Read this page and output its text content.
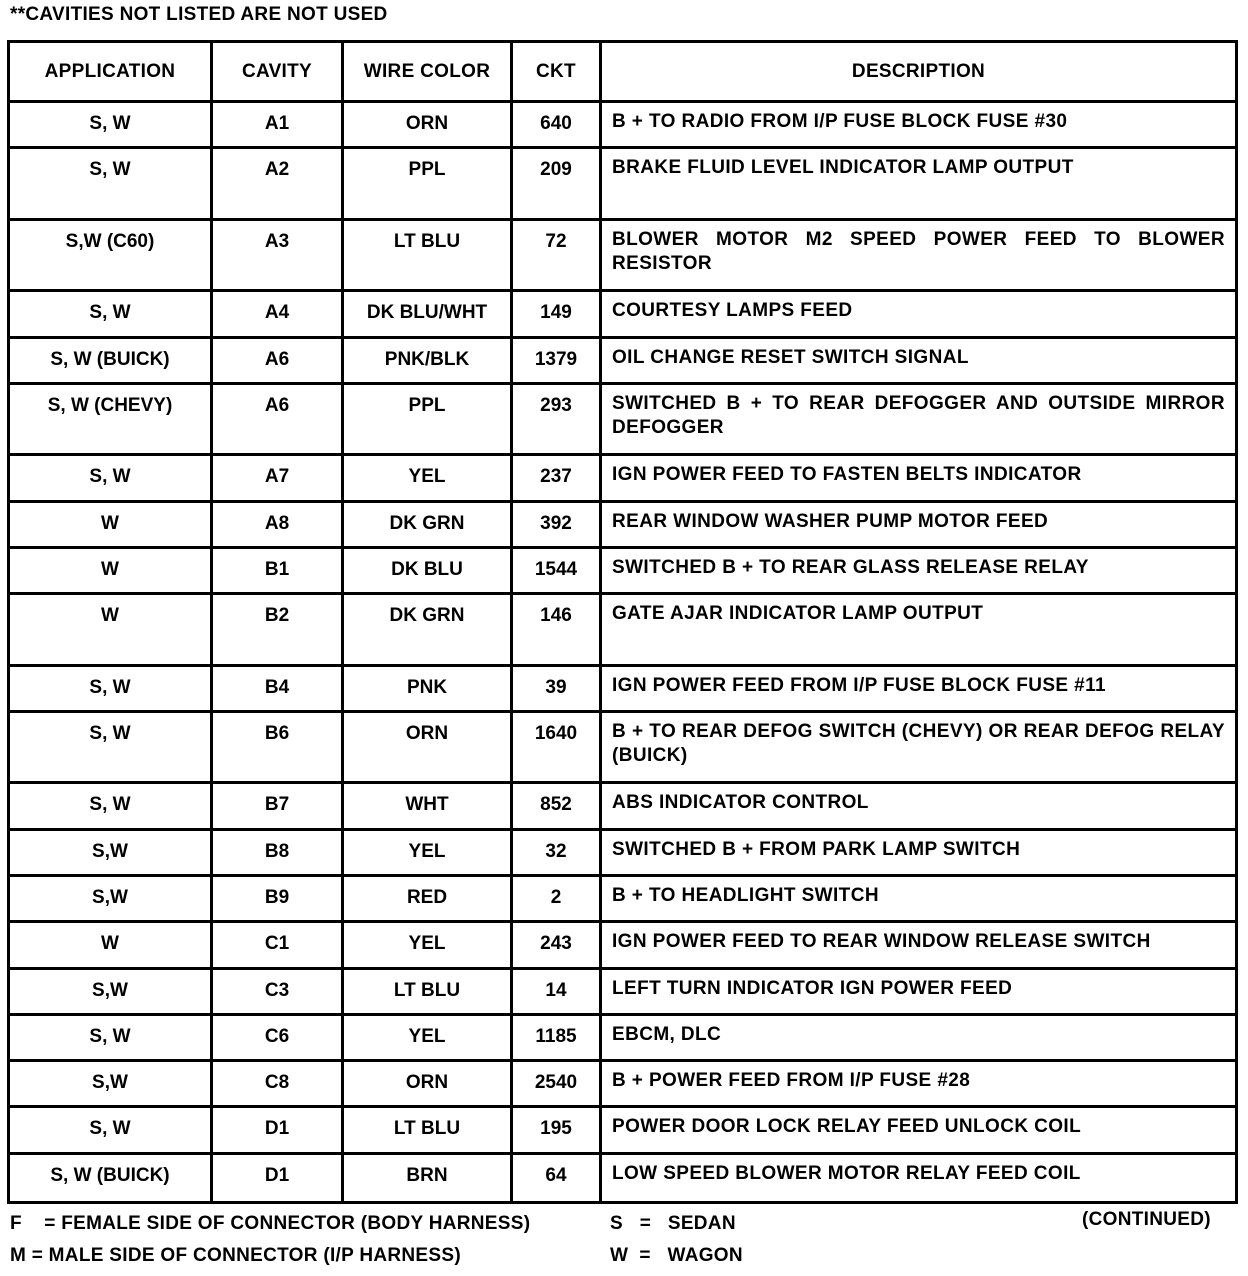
**CAVITIES NOT LISTED ARE NOT USED
APPLICATION	CAVITY	WIRE COLOR	CKT	DESCRIPTION
S, W	A1	ORN	640	B + TO RADIO FROM I/P FUSE BLOCK FUSE #30
S, W	A2	PPL	209	BRAKE FLUID LEVEL INDICATOR LAMP OUTPUT
S,W (C60)	A3	LT BLU	72	BLOWER MOTOR M2 SPEED POWER FEED TO BLOWER RESISTOR
S, W	A4	DK BLU/WHT	149	COURTESY LAMPS FEED
S, W (BUICK)	A6	PNK/BLK	1379	OIL CHANGE RESET SWITCH SIGNAL
S, W (CHEVY)	A6	PPL	293	SWITCHED B + TO REAR DEFOGGER AND OUTSIDE MIRROR DEFOGGER
S, W	A7	YEL	237	IGN POWER FEED TO FASTEN BELTS INDICATOR
W	A8	DK GRN	392	REAR WINDOW WASHER PUMP MOTOR FEED
W	B1	DK BLU	1544	SWITCHED B + TO REAR GLASS RELEASE RELAY
W	B2	DK GRN	146	GATE AJAR INDICATOR LAMP OUTPUT
S, W	B4	PNK	39	IGN POWER FEED FROM I/P FUSE BLOCK FUSE #11
S, W	B6	ORN	1640	B + TO REAR DEFOG SWITCH (CHEVY) OR REAR DEFOG RELAY (BUICK)
S, W	B7	WHT	852	ABS INDICATOR CONTROL
S,W	B8	YEL	32	SWITCHED B + FROM PARK LAMP SWITCH
S,W	B9	RED	2	B + TO HEADLIGHT SWITCH
W	C1	YEL	243	IGN POWER FEED TO REAR WINDOW RELEASE SWITCH
S,W	C3	LT BLU	14	LEFT TURN INDICATOR IGN POWER FEED
S, W	C6	YEL	1185	EBCM, DLC
S,W	C8	ORN	2540	B + POWER FEED FROM I/P FUSE #28
S, W	D1	LT BLU	195	POWER DOOR LOCK RELAY FEED UNLOCK COIL
S, W (BUICK)	D1	BRN	64	LOW SPEED BLOWER MOTOR RELAY FEED COIL
F    = FEMALE SIDE OF CONNECTOR (BODY HARNESS)
M = MALE SIDE OF CONNECTOR (I/P HARNESS)
S   =   SEDAN
W  =   WAGON
(CONTINUED)
